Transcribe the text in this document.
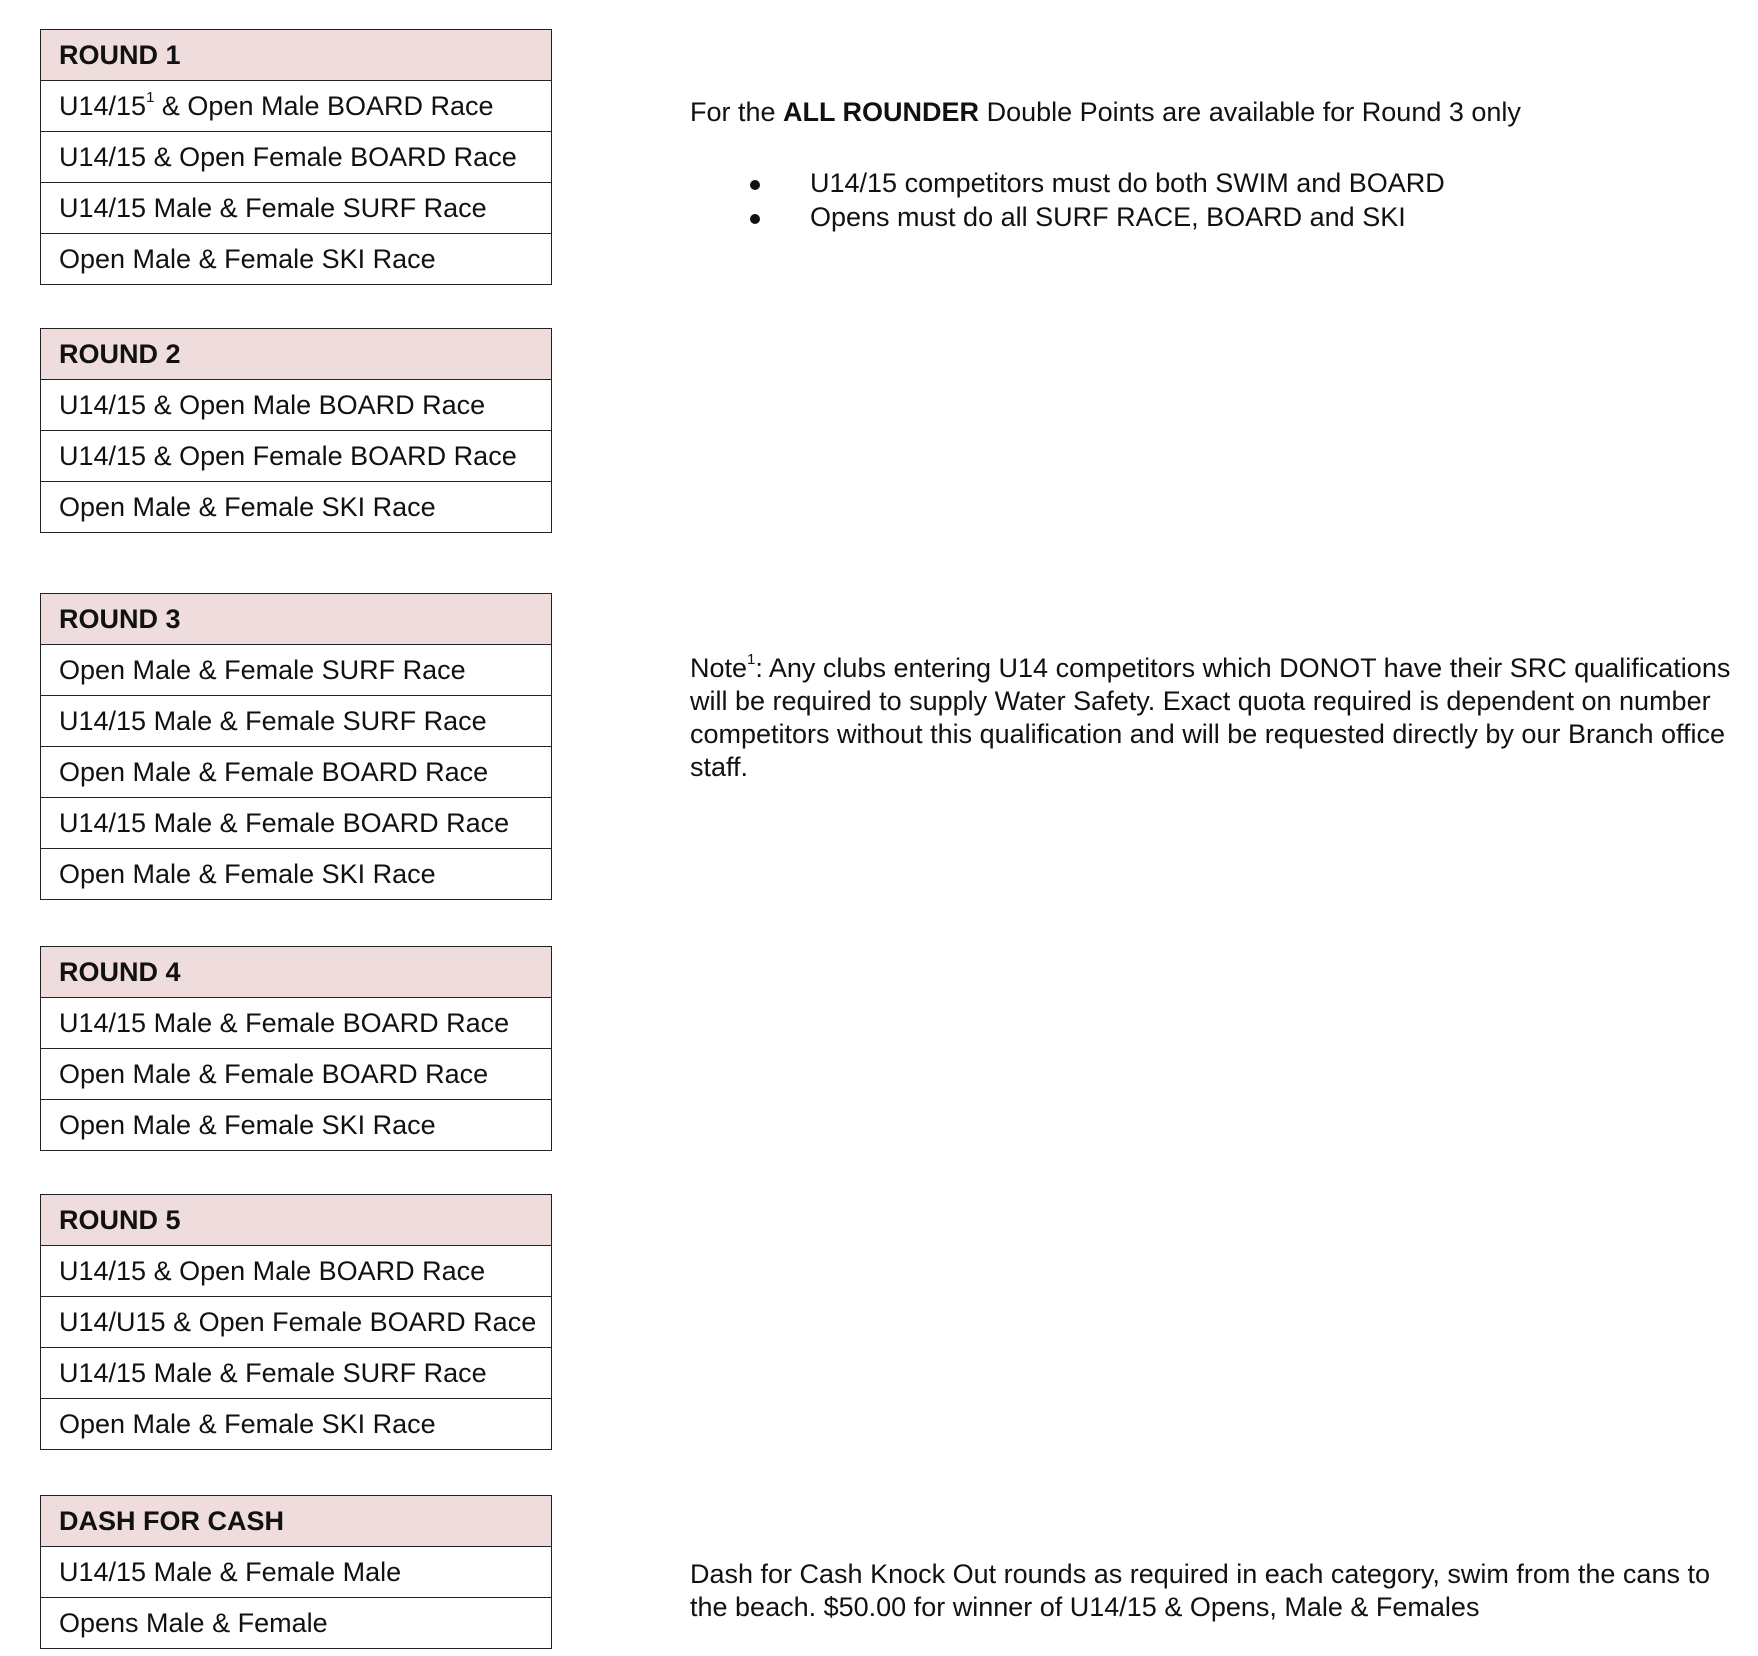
ROUND 1
$U14/15^1$ & Open Male BOARD Race
U14/15 & Open Female BOARD Race
U14/15 Male & Female SURF Race
Open Male & Female SKI Race
ROUND 2
U14/15 & Open Male BOARD Race
U14/15 & Open Female BOARD Race
Open Male & Female SKI Race
ROUND 3
Open Male & Female SURF Race
U14/15 Male & Female SURF Race
Open Male & Female BOARD Race
U14/15 Male & Female BOARD Race
Open Male & Female SKI Race
ROUND 4
U14/15 Male & Female BOARD Race
Open Male & Female BOARD Race
Open Male & Female SKI Race
ROUND 5
U14/15 & Open Male BOARD Race
U14/U15 & Open Female BOARD Race
U14/15 Male & Female SURF Race
Open Male & Female SKI Race
DASH FOR CASH
U14/15 Male & Female Male
Opens Male & Female
For the ALL ROUNDER Double Points are available for Round 3 only
U14/15 competitors must do both SWIM and BOARD
Opens must do all SURF RACE, BOARD and SKI
Note$^1$: Any clubs entering U14 competitors which DONOT have their SRC qualifications will be required to supply Water Safety. Exact quota required is dependent on number competitors without this qualification and will be requested directly by our Branch office staff.
Dash for Cash Knock Out rounds as required in each category, swim from the cans to the beach. $50.00 for winner of U14/15 & Opens, Male & Females
